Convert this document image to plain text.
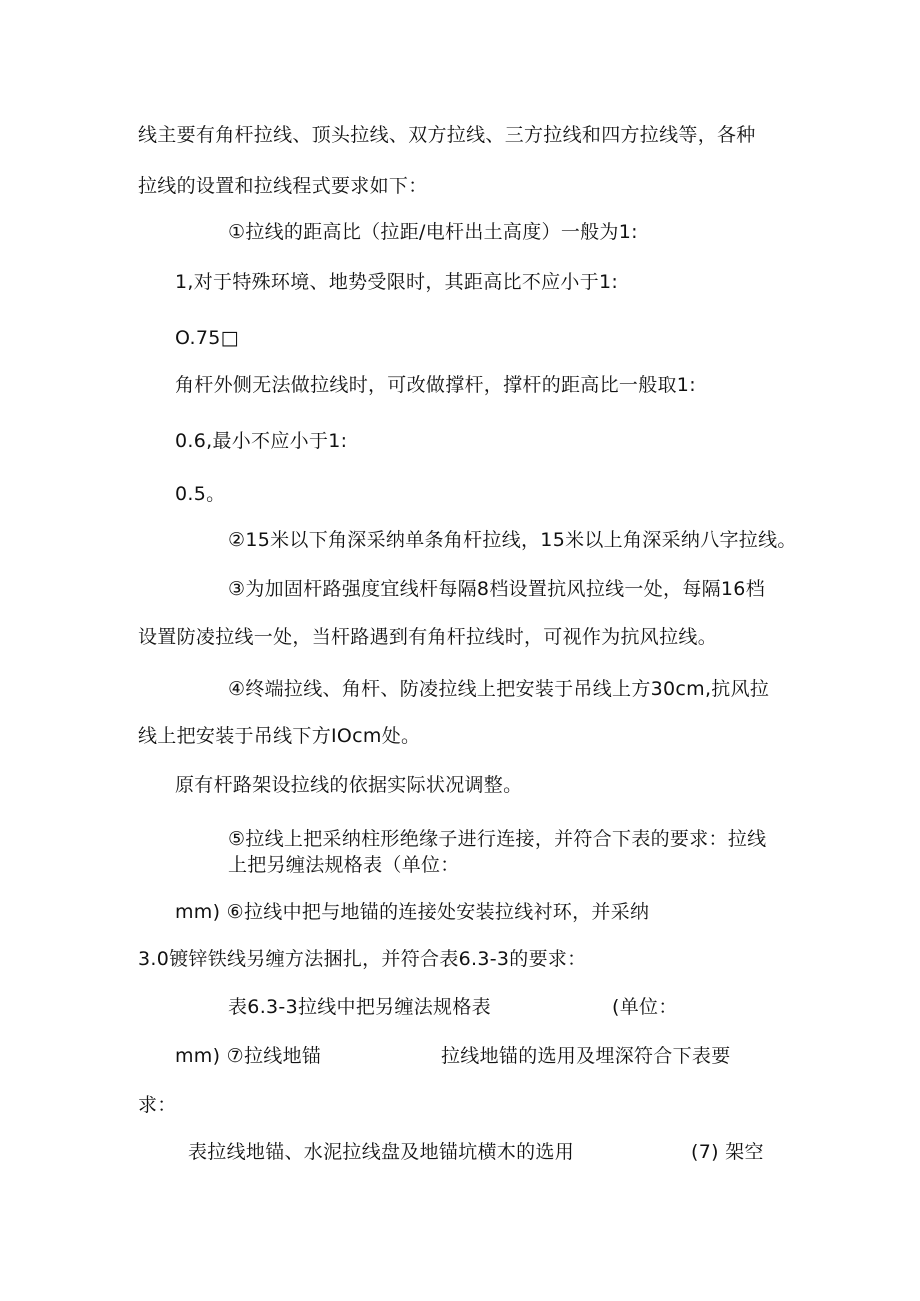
线主要有角杆拉线、顶头拉线、双方拉线、三方拉线和四方拉线等，各种
拉线的设置和拉线程式要求如下：
①拉线的距高比（拉距/电杆出土高度）一般为1:
1,对于特殊环境、地势受限时，其距高比不应小于1:
O.75□
角杆外侧无法做拉线时，可改做撑杆，撑杆的距高比一般取1:
0.6,最小不应小于1:
0.5。
②15米以下角深采纳单条角杆拉线，15米以上角深采纳八字拉线。
③为加固杆路强度宜线杆每隔8档设置抗风拉线一处，每隔16档
设置防凌拉线一处，当杆路遇到有角杆拉线时，可视作为抗风拉线。
④终端拉线、角杆、防凌拉线上把安装于吊线上方30cm,抗风拉
线上把安装于吊线下方IOcm处。
原有杆路架设拉线的依据实际状况调整。
⑤拉线上把采纳柱形绝缘子进行连接，并符合下表的要求：拉线
上把另缠法规格表（单位：
mm) ⑥拉线中把与地锚的连接处安装拉线衬环，并采纳
3.0镀锌铁线另缠方法捆扎，并符合表6.3-3的要求：
表6.3-3拉线中把另缠法规格表	(单位：
mm) ⑦拉线地锚	拉线地锚的选用及埋深符合下表要
求：
表拉线地锚、水泥拉线盘及地锚坑横木的选用	(7) 架空
